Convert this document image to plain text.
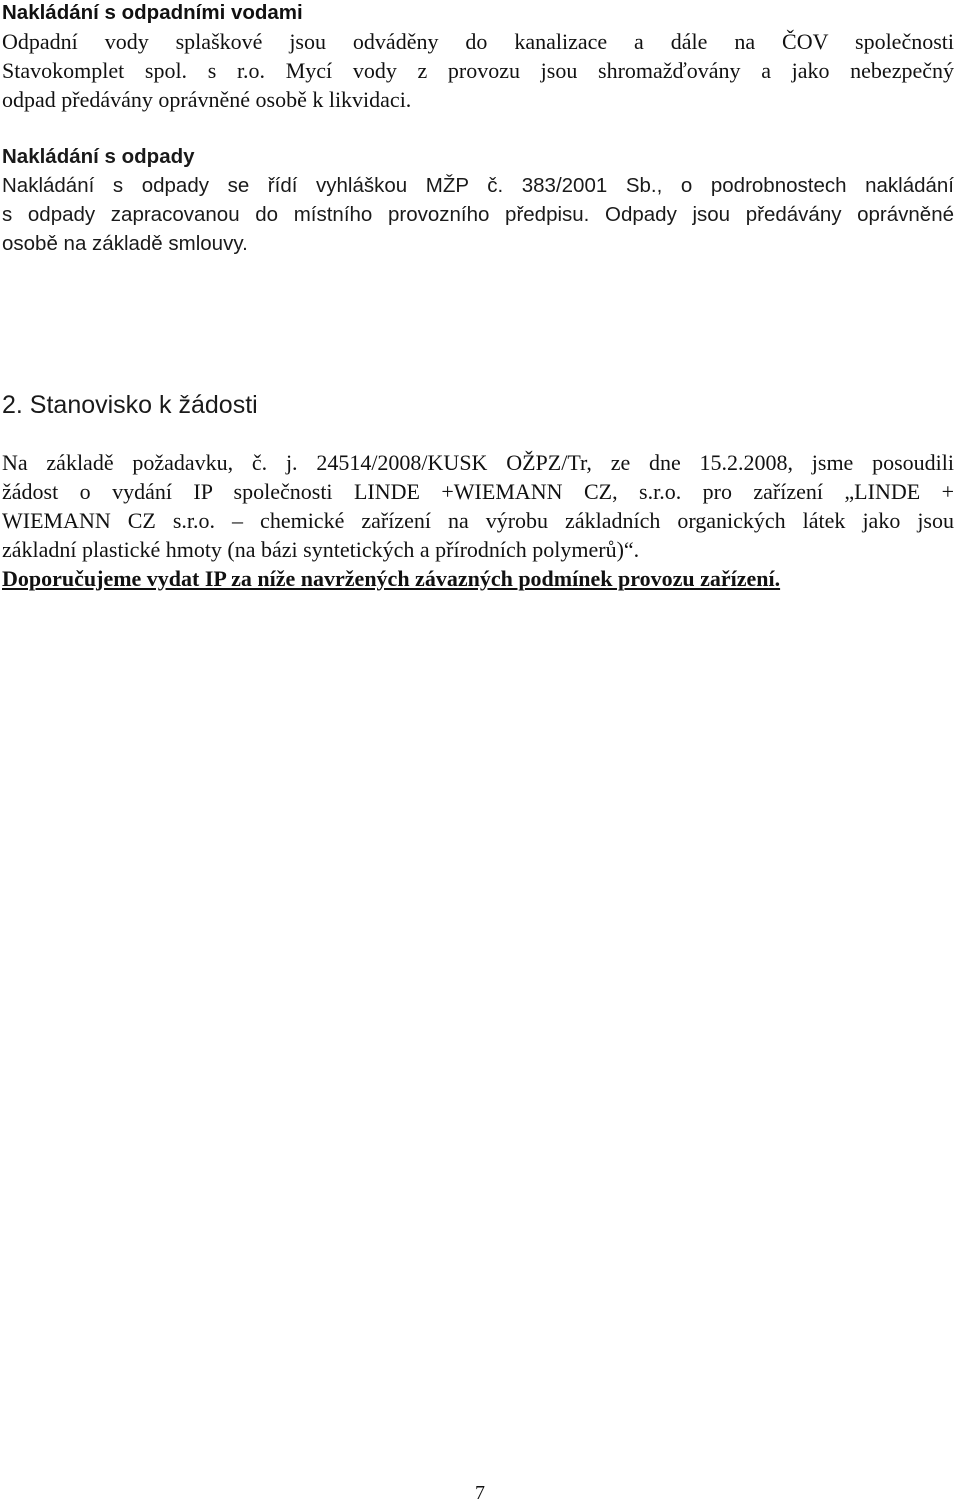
Nakládání s odpadními vodami
Odpadní vody splaškové jsou odváděny do kanalizace a dále na ČOV společnosti
Stavokomplet spol. s r.o. Mycí vody z provozu jsou shromažďovány a jako nebezpečný
odpad předávány oprávněné osobě k likvidaci.
Nakládání s odpady
Nakládání s odpady se řídí vyhláškou MŽP č. 383/2001 Sb., o podrobnostech nakládání
s odpady zapracovanou do místního provozního předpisu. Odpady jsou předávány oprávněné
osobě na základě smlouvy.
2. Stanovisko k žádosti
Na základě požadavku, č. j. 24514/2008/KUSK OŽPZ/Tr, ze dne 15.2.2008, jsme posoudili
žádost o vydání IP společnosti LINDE +WIEMANN CZ, s.r.o. pro zařízení „LINDE +
WIEMANN CZ s.r.o. – chemické zařízení na výrobu základních organických látek jako jsou
základní plastické hmoty (na bázi syntetických a přírodních polymerů)“.
Doporučujeme vydat IP za níže navržených závazných podmínek provozu zařízení.
7
